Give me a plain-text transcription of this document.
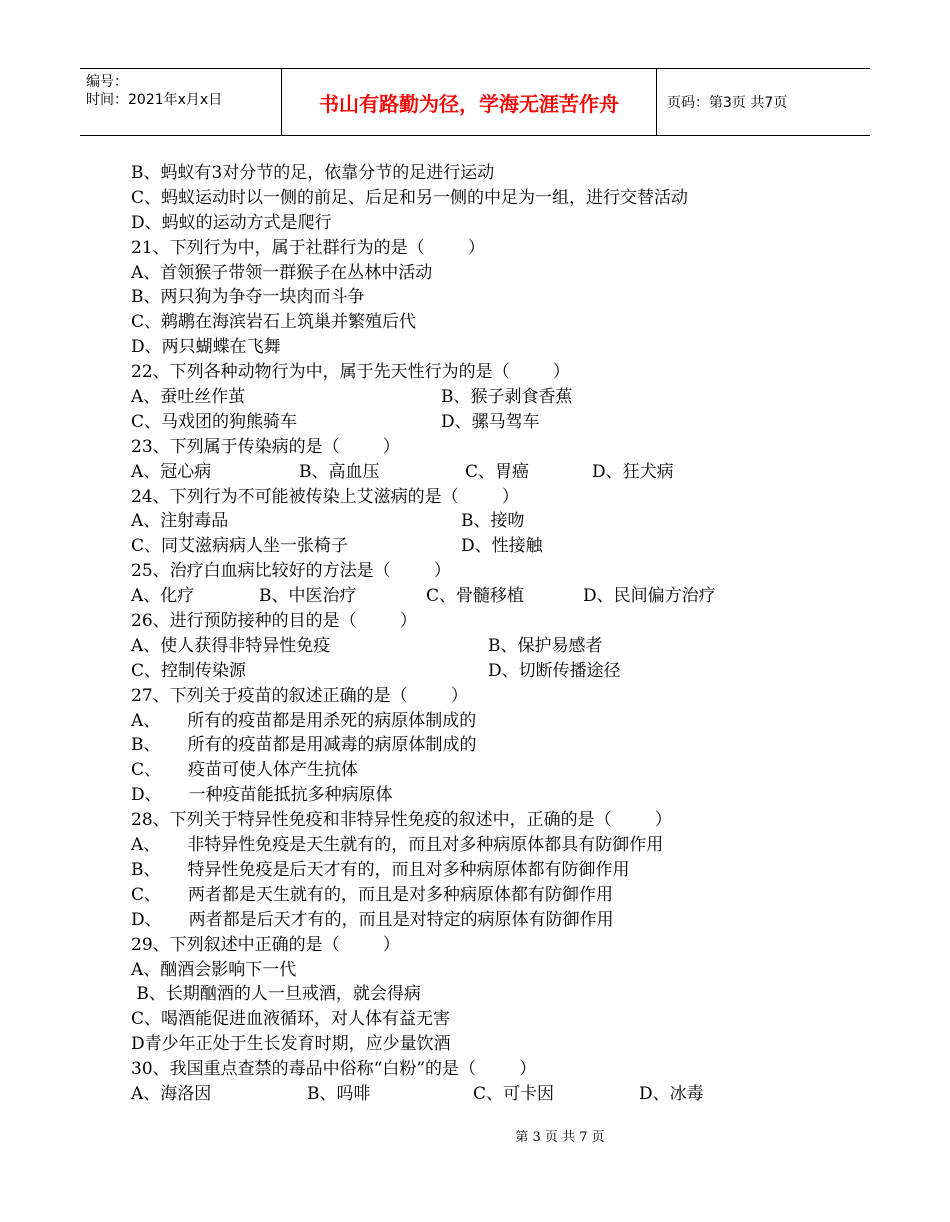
编号：
时间：2021年x月x日	书山有路勤为径，学海无涯苦作舟	页码：第3页 共7页
B、蚂蚁有3对分节的足，依靠分节的足进行运动
C、蚂蚁运动时以一侧的前足、后足和另一侧的中足为一组，进行交替活动
D、蚂蚁的运动方式是爬行
21、下列行为中，属于社群行为的是（        ）
A、首领猴子带领一群猴子在丛林中活动
B、两只狗为争夺一块肉而斗争
C、鹈鹕在海滨岩石上筑巢并繁殖后代
D、两只蝴蝶在飞舞
22、下列各种动物行为中，属于先天性行为的是（        ）
A、蚕吐丝作茧	B、猴子剥食香蕉
C、马戏团的狗熊骑车	D、骡马驾车
23、下列属于传染病的是（        ）
A、冠心病	B、高血压	C、胃癌	D、狂犬病
24、下列行为不可能被传染上艾滋病的是（        ）
A、注射毒品	B、接吻
C、同艾滋病病人坐一张椅子	D、性接触
25、治疗白血病比较好的方法是（        ）
A、化疗	B、中医治疗	C、骨髓移植	D、民间偏方治疗
26、进行预防接种的目的是（        ）
A、使人获得非特异性免疫	B、保护易感者
C、控制传染源	D、切断传播途径
27、下列关于疫苗的叙述正确的是（        ）
A、     所有的疫苗都是用杀死的病原体制成的
B、     所有的疫苗都是用减毒的病原体制成的
C、     疫苗可使人体产生抗体
D、     一种疫苗能抵抗多种病原体
28、下列关于特异性免疫和非特异性免疫的叙述中，正确的是（        ）
A、     非特异性免疫是天生就有的，而且对多种病原体都具有防御作用
B、     特异性免疫是后天才有的，而且对多种病原体都有防御作用
C、     两者都是天生就有的，而且是对多种病原体都有防御作用
D、     两者都是后天才有的，而且是对特定的病原体有防御作用
29、下列叙述中正确的是（        ）
A、酗酒会影响下一代
B、长期酗酒的人一旦戒酒，就会得病
C、喝酒能促进血液循环，对人体有益无害
D青少年正处于生长发育时期，应少量饮酒
30、我国重点查禁的毒品中俗称“白粉”的是（        ）
A、海洛因	B、吗啡	C、可卡因	D、冰毒
第 3 页 共 7 页
